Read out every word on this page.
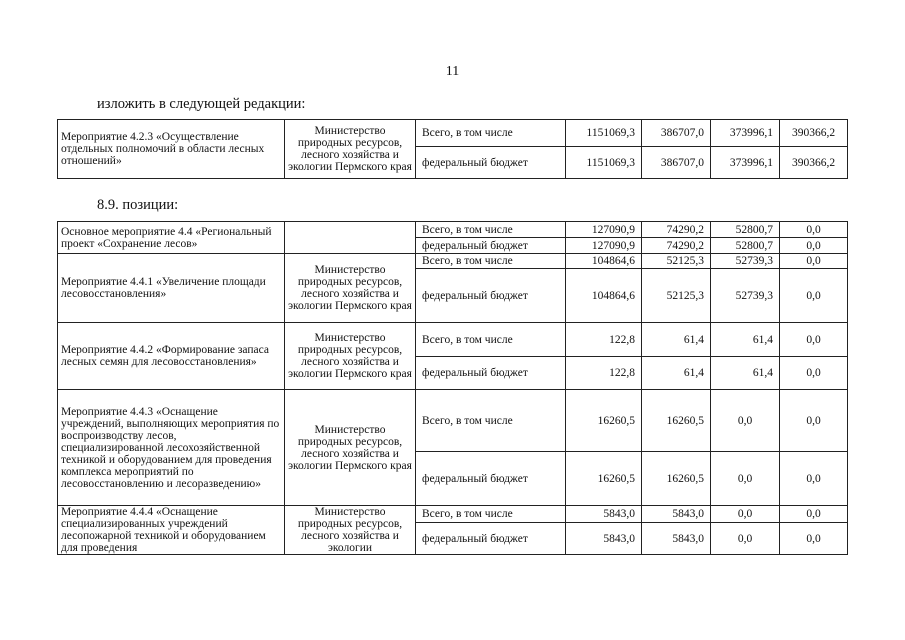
11
изложить в следующей редакции:
Мероприятие 4.2.3 «Осуществление отдельных полномочий в области лесных отношений»	Министерство природных ресурсов, лесного хозяйства и экологии Пермского края	Всего, в том числе	1151069,3	386707,0	373996,1	390366,2
		федеральный бюджет	1151069,3	386707,0	373996,1	390366,2
8.9. позиции:
Основное мероприятие 4.4 «Региональный проект «Сохранение лесов»		Всего, в том числе	127090,9	74290,2	52800,7	0,0
		федеральный бюджет	127090,9	74290,2	52800,7	0,0
Мероприятие 4.4.1 «Увеличение площади лесовосстановления»	Министерство природных ресурсов, лесного хозяйства и экологии Пермского края	Всего, в том числе	104864,6	52125,3	52739,3	0,0
		федеральный бюджет	104864,6	52125,3	52739,3	0,0
Мероприятие 4.4.2 «Формирование запаса лесных семян для лесовосстановления»	Министерство природных ресурсов, лесного хозяйства и экологии Пермского края	Всего, в том числе	122,8	61,4	61,4	0,0
		федеральный бюджет	122,8	61,4	61,4	0,0
Мероприятие 4.4.3 «Оснащение учреждений, выполняющих мероприятия по воспроизводству лесов, специализированной лесохозяйственной техникой и оборудованием для проведения комплекса мероприятий по лесовосстановлению и лесоразведению»	Министерство природных ресурсов, лесного хозяйства и экологии Пермского края	Всего, в том числе	16260,5	16260,5	0,0	0,0
		федеральный бюджет	16260,5	16260,5	0,0	0,0
Мероприятие 4.4.4 «Оснащение специализированных учреждений лесопожарной техникой и оборудованием для проведения	Министерство природных ресурсов, лесного хозяйства и экологии	Всего, в том числе	5843,0	5843,0	0,0	0,0
		федеральный бюджет	5843,0	5843,0	0,0	0,0
